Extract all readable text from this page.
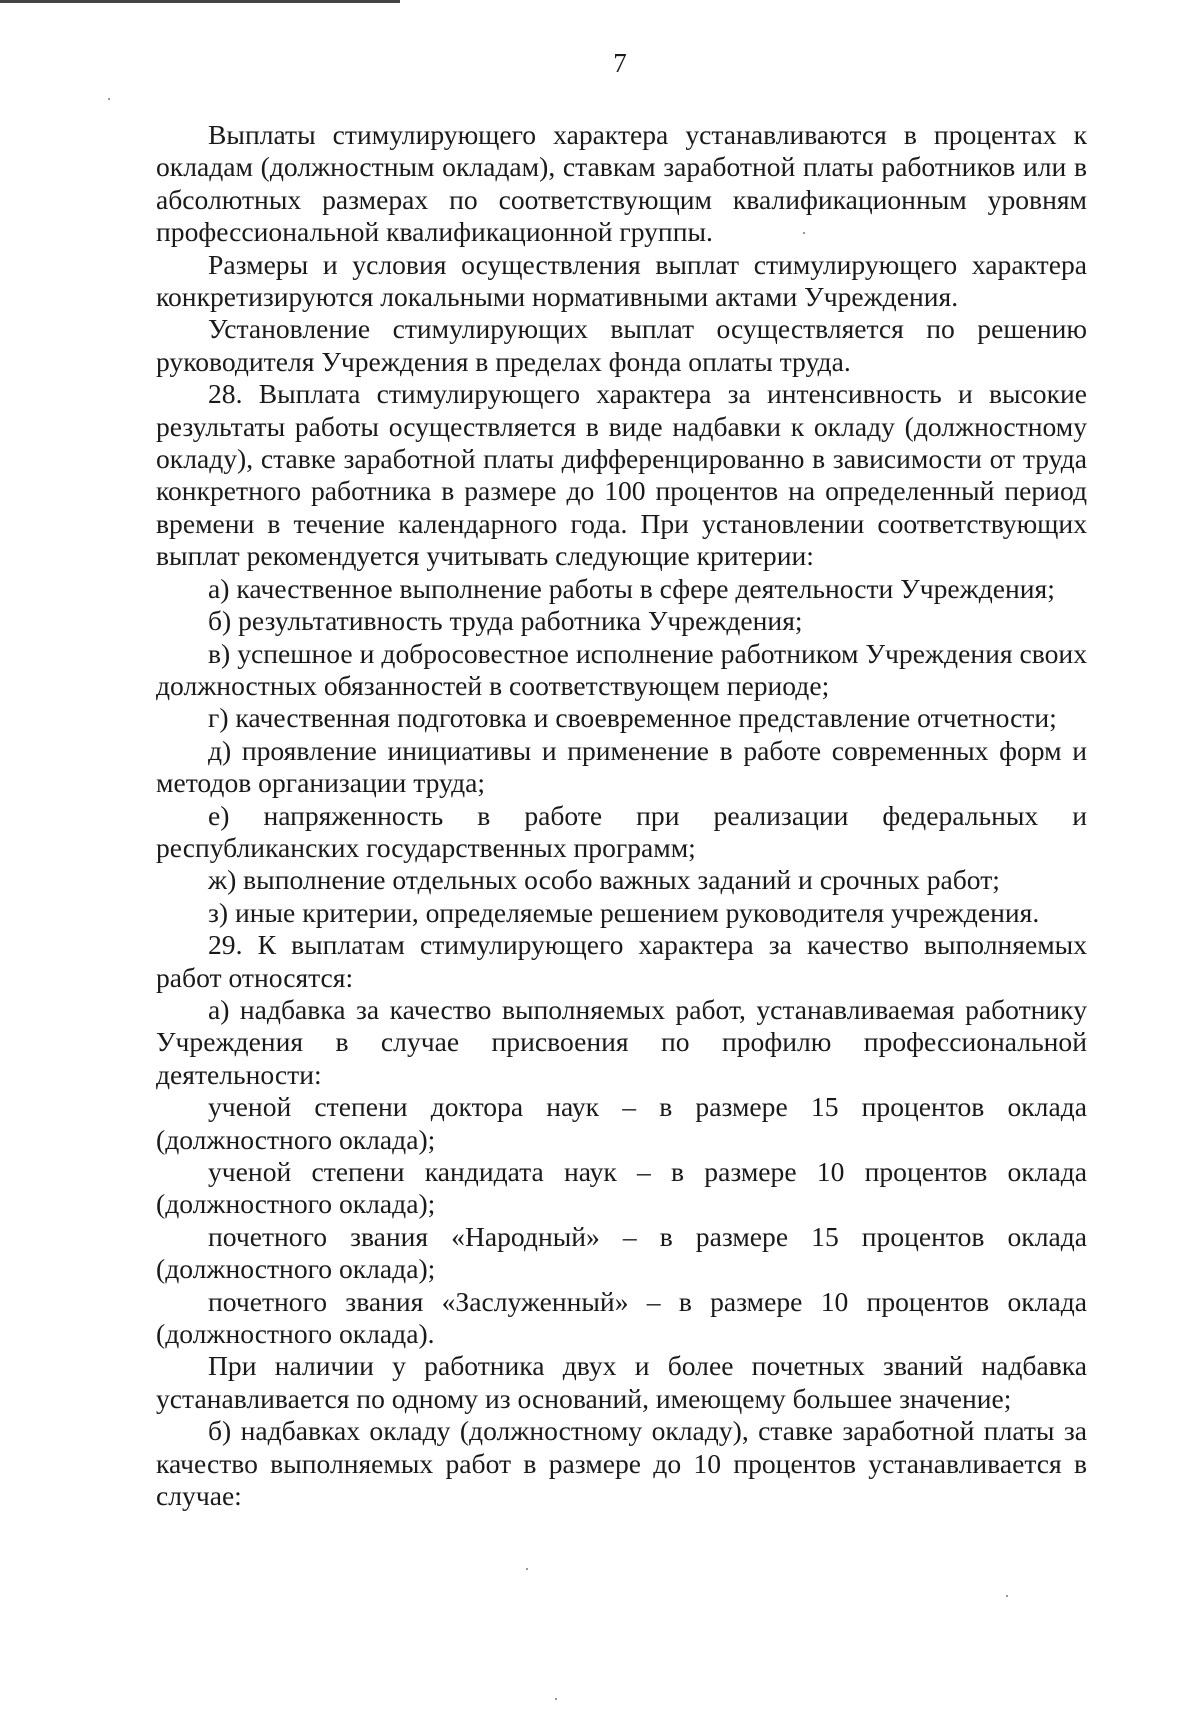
7

Выплаты стимулирующего характера устанавливаются в процентах к окладам (должностным окладам), ставкам заработной платы работников или в абсолютных размерах по соответствующим квалификационным уровням профессиональной квалификационной группы.

Размеры и условия осуществления выплат стимулирующего характера конкретизируются локальными нормативными актами Учреждения.

Установление стимулирующих выплат осуществляется по решению руководителя Учреждения в пределах фонда оплаты труда.

28. Выплата стимулирующего характера за интенсивность и высокие результаты работы осуществляется в виде надбавки к окладу (должностному окладу), ставке заработной платы дифференцированно в зависимости от труда конкретного работника в размере до 100 процентов на определенный период времени в течение календарного года. При установлении соответствующих выплат рекомендуется учитывать следующие критерии:

а) качественное выполнение работы в сфере деятельности Учреждения;

б) результативность труда работника Учреждения;

в) успешное и добросовестное исполнение работником Учреждения своих должностных обязанностей в соответствующем периоде;

г) качественная подготовка и своевременное представление отчетности;

д) проявление инициативы и применение в работе современных форм и методов организации труда;

е) напряженность в работе при реализации федеральных и республиканских государственных программ;

ж) выполнение отдельных особо важных заданий и срочных работ;

з) иные критерии, определяемые решением руководителя учреждения.

29. К выплатам стимулирующего характера за качество выполняемых работ относятся:

а) надбавка за качество выполняемых работ, устанавливаемая работнику Учреждения в случае присвоения по профилю профессиональной деятельности:

ученой степени доктора наук – в размере 15 процентов оклада (должностного оклада);

ученой степени кандидата наук – в размере 10 процентов оклада (должностного оклада);

почетного звания «Народный» – в размере 15 процентов оклада (должностного оклада);

почетного звания «Заслуженный» – в размере 10 процентов оклада (должностного оклада).

При наличии у работника двух и более почетных званий надбавка устанавливается по одному из оснований, имеющему большее значение;

б) надбавках окладу (должностному окладу), ставке заработной платы за качество выполняемых работ в размере до 10 процентов устанавливается в случае:
